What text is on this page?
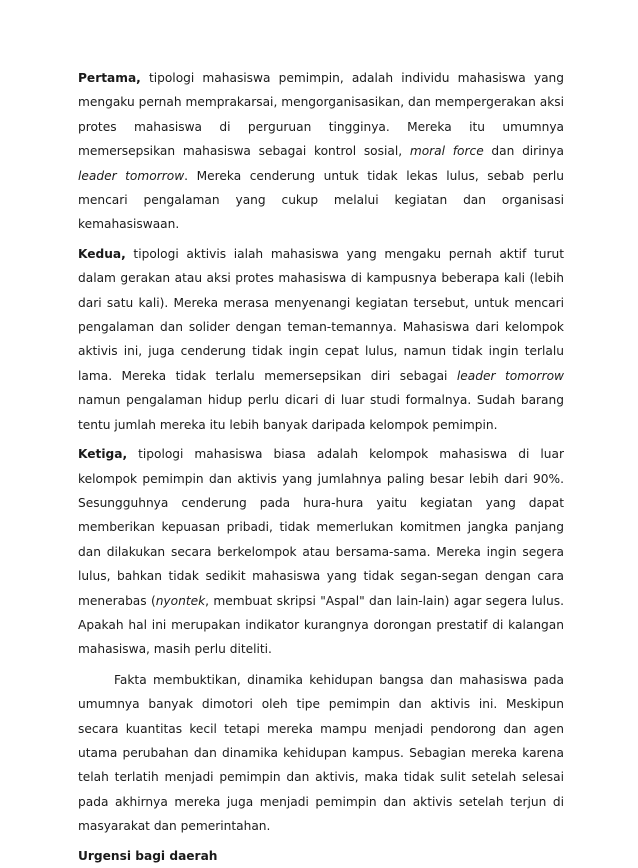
Pertama, tipologi mahasiswa pemimpin, adalah individu mahasiswa yang mengaku pernah memprakarsai, mengorganisasikan, dan mempergerakan aksi protes mahasiswa di perguruan tingginya. Mereka itu umumnya memersepsikan mahasiswa sebagai kontrol sosial, moral force dan dirinya leader tomorrow. Mereka cenderung untuk tidak lekas lulus, sebab perlu mencari pengalaman yang cukup melalui kegiatan dan organisasi kemahasiswaan.

Kedua, tipologi aktivis ialah mahasiswa yang mengaku pernah aktif turut dalam gerakan atau aksi protes mahasiswa di kampusnya beberapa kali (lebih dari satu kali). Mereka merasa menyenangi kegiatan tersebut, untuk mencari pengalaman dan solider dengan teman-temannya. Mahasiswa dari kelompok aktivis ini, juga cenderung tidak ingin cepat lulus, namun tidak ingin terlalu lama. Mereka tidak terlalu memersepsikan diri sebagai leader tomorrow namun pengalaman hidup perlu dicari di luar studi formalnya. Sudah barang tentu jumlah mereka itu lebih banyak daripada kelompok pemimpin.

Ketiga, tipologi mahasiswa biasa adalah kelompok mahasiswa di luar kelompok pemimpin dan aktivis yang jumlahnya paling besar lebih dari 90%. Sesungguhnya cenderung pada hura-hura yaitu kegiatan yang dapat memberikan kepuasan pribadi, tidak memerlukan komitmen jangka panjang dan dilakukan secara berkelompok atau bersama-sama. Mereka ingin segera lulus, bahkan tidak sedikit mahasiswa yang tidak segan-segan dengan cara menerabas (nyontek, membuat skripsi "Aspal" dan lain-lain) agar segera lulus. Apakah hal ini merupakan indikator kurangnya dorongan prestatif di kalangan mahasiswa, masih perlu diteliti.

Fakta membuktikan, dinamika kehidupan bangsa dan mahasiswa pada umumnya banyak dimotori oleh tipe pemimpin dan aktivis ini. Meskipun secara kuantitas kecil tetapi mereka mampu menjadi pendorong dan agen utama perubahan dan dinamika kehidupan kampus. Sebagian mereka karena telah terlatih menjadi pemimpin dan aktivis, maka tidak sulit setelah selesai pada akhirnya mereka juga menjadi pemimpin dan aktivis setelah terjun di masyarakat dan pemerintahan.

Urgensi bagi daerah
